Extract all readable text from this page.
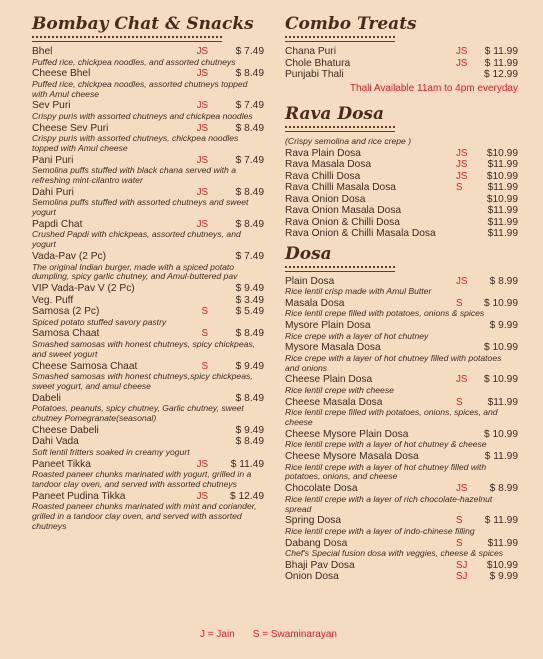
Bombay Chat & Snacks
Bhel	JS	$ 7.49
Puffed rice, chickpea noodles, and assorted chutneys
Cheese Bhel	JS	$ 8.49
Puffed rice, chickpea noodles, assorted chutneys topped with Amul cheese
Sev Puri	JS	$ 7.49
Crispy puris with assorted chutneys and chickpea noodles
Cheese Sev Puri	JS	$ 8.49
Crispy puris with assorted chutneys, chickpea noodles topped with Amul cheese
Pani Puri	JS	$ 7.49
Semolina puffs stuffed with black chana served with a refreshing mint-cilantro water
Dahi Puri	JS	$ 8.49
Semolina puffs stuffed with assorted chutneys and sweet yogurt
Papdi Chat	JS	$ 8.49
Crushed Papdi with chickpeas, assorted chutneys, and yogurt
Vada-Pav (2 Pc)	$ 7.49
The original Indian burger, made with a spiced potato dumpling, spicy garlic chutney, and Amul-buttered pav
VIP Vada-Pav V (2 Pc)	$ 9.49
Veg. Puff	$ 3.49
Samosa (2 Pc)	S	$ 5.49
Spiced potato stuffed savory pastry
Samosa Chaat	S	$ 8.49
Smashed samosas with honest chutneys, spicy chickpeas, and sweet yogurt
Cheese Samosa Chaat	S	$ 9.49
Smashed samosas with honest chutneys,spicy chickpeas, sweet yogurt, and amul cheese
Dabeli	$ 8.49
Potatoes, peanuts, spicy chutney, Garlic chutney, sweet chutney Pomegranate(seasonal)
Cheese Dabeli	$ 9.49
Dahi Vada	$ 8.49
Soft lentil fritters soaked in creamy yogurt
Paneet Tikka	JS	$ 11.49
Roasted paneer chunks marinated with yogurt, grilled in a tandoor clay oven, and served with assorted chutneys
Paneet Pudina Tikka	JS	$ 12.49
Roasted paneer chunks marinated with mint and coriander, grilled in a tandoor clay oven, and served with assorted chutneys
Combo Treats
Chana Puri	JS	$ 11.99
Chole Bhatura	JS	$ 11.99
Punjabi Thali	$ 12.99
Thali Available 11am to 4pm everyday
Rava Dosa
(Crispy semolina and rice crepe )
Rava Plain Dosa	JS	$10.99
Rava Masala Dosa	JS	$11.99
Rava Chilli Dosa	JS	$10.99
Rava Chilli Masala Dosa	S	$11.99
Rava Onion Dosa	$10.99
Rava Onion Masala Dosa	$11.99
Rava Onion & Chilli Dosa	$11.99
Rava Onion & Chilli Masala Dosa	$11.99
Dosa
Plain Dosa	JS	$ 8.99
Rice lentil crisp made with Amul Butter
Masala Dosa	S	$ 10.99
Rice lentil crepe filled with potatoes, onions & spices
Mysore Plain Dosa	$ 9.99
Rice crepe with a layer of hot chutney
Mysore Masala Dosa	$ 10.99
Rice crepe with a layer of hot chutney filled with potatoes and onions
Cheese Plain Dosa	JS	$ 10.99
Rice lentil crepe with cheese
Cheese Masala Dosa	S	$11.99
Rice lentil crepe filled with potatoes, onions, spices, and cheese
Cheese Mysore Plain Dosa	$ 10.99
Rice lentil crepe with a layer of hot chutney & cheese
Cheese Mysore Masala Dosa	$ 11.99
Rice lentil crepe with a layer of hot chutney filled with potatoes, onions, and cheese
Chocolate Dosa	JS	$ 8.99
Rice lentil crepe with a layer of rich chocolate-hazelnut spread
Spring Dosa	S	$ 11.99
Rice lentil crepe with a layer of indo-chinese filling
Dabang Dosa	S	$11.99
Chef's Special fusion dosa with veggies, cheese & spices
Bhaji Pav Dosa	SJ	$10.99
Onion Dosa	SJ	$ 9.99
J = Jain S = Swaminarayan
